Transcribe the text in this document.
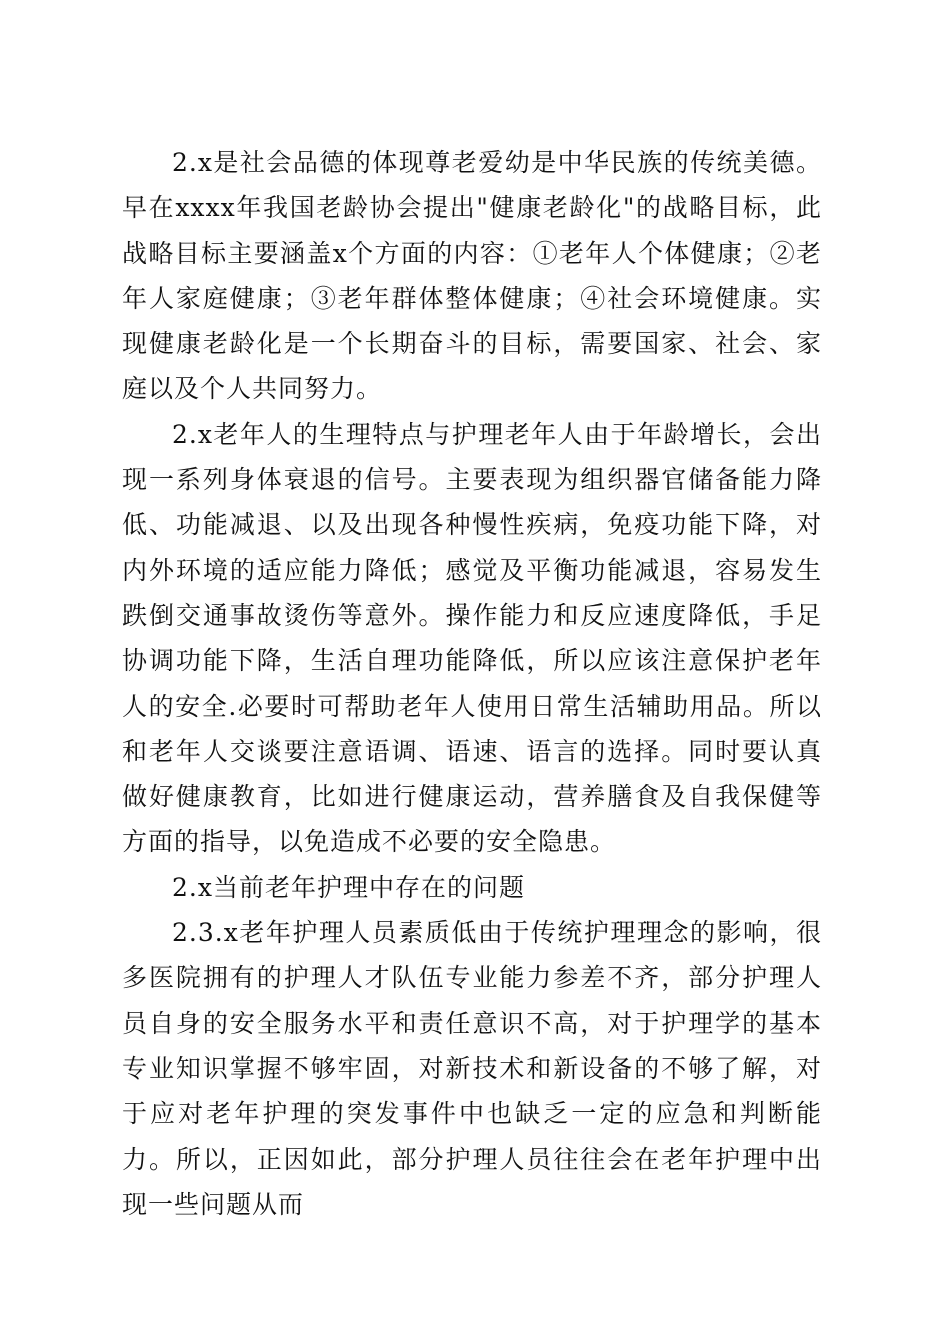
2.x是社会品德的体现尊老爱幼是中华民族的传统美德。早在xxxx年我国老龄协会提出"健康老龄化"的战略目标，此战略目标主要涵盖x个方面的内容：①老年人个体健康；②老年人家庭健康；③老年群体整体健康；④社会环境健康。实现健康老龄化是一个长期奋斗的目标，需要国家、社会、家庭以及个人共同努力。

2.x老年人的生理特点与护理老年人由于年龄增长，会出现一系列身体衰退的信号。主要表现为组织器官储备能力降低、功能减退、以及出现各种慢性疾病，免疫功能下降，对内外环境的适应能力降低；感觉及平衡功能减退，容易发生跌倒交通事故烫伤等意外。操作能力和反应速度降低，手足协调功能下降，生活自理功能降低，所以应该注意保护老年人的安全.必要时可帮助老年人使用日常生活辅助用品。所以和老年人交谈要注意语调、语速、语言的选择。同时要认真做好健康教育，比如进行健康运动，营养膳食及自我保健等方面的指导，以免造成不必要的安全隐患。

2.x当前老年护理中存在的问题

2.3.x老年护理人员素质低由于传统护理理念的影响，很多医院拥有的护理人才队伍专业能力参差不齐，部分护理人员自身的安全服务水平和责任意识不高，对于护理学的基本专业知识掌握不够牢固，对新技术和新设备的不够了解，对于应对老年护理的突发事件中也缺乏一定的应急和判断能力。所以，正因如此，部分护理人员往往会在老年护理中出现一些问题从而
